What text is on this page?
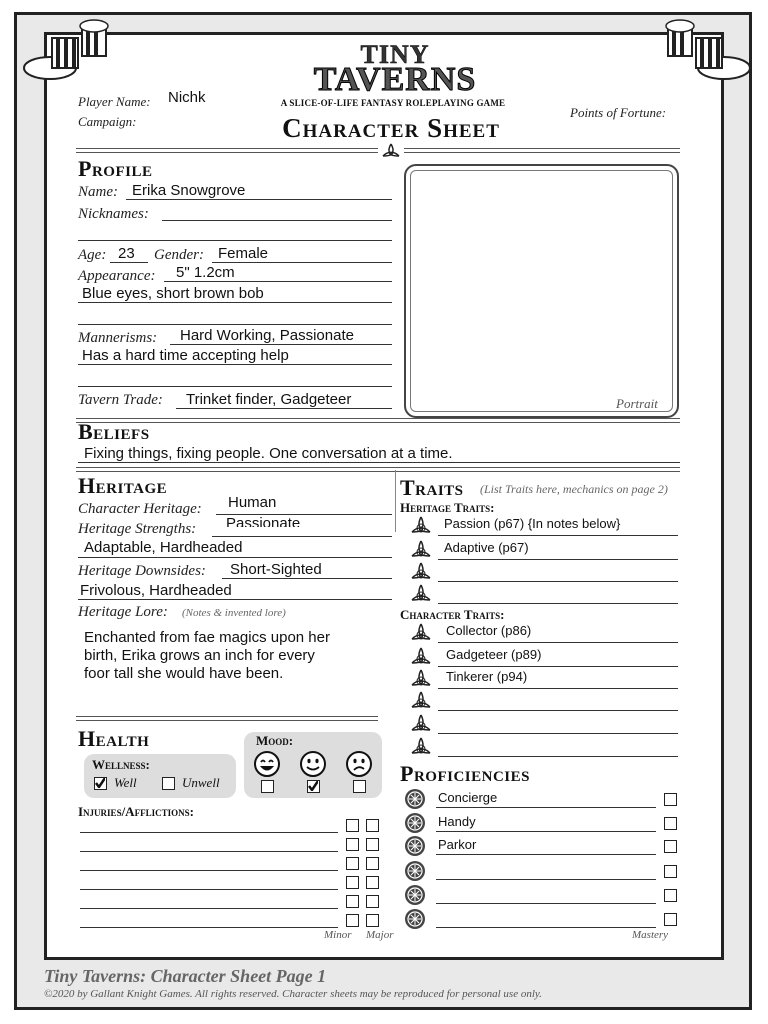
TINY
TAVERNS
A SLICE-OF-LIFE FANTASY ROLEPLAYING GAME
Character Sheet
Player Name: Nichk
Campaign:
Points of Fortune:
Profile
Name: Erika Snowgrove
Nicknames:
Age: 23 Gender: Female
Appearance: 5" 1.2cm
Blue eyes, short brown bob
Mannerisms: Hard Working, Passionate
Has a hard time accepting help
Tavern Trade: Trinket finder, Gadgeteer	Portrait
Beliefs
Fixing things, fixing people. One conversation at a time.
Heritage
Character Heritage: Human
Heritage Strengths: Passionate
Adaptable, Hardheaded
Heritage Downsides: Short-Sighted
Frivolous, Hardheaded
Heritage Lore: (Notes & invented lore)
Enchanted from fae magics upon her
birth, Erika grows an inch for every
foor tall she would have been.
Traits (List Traits here, mechanics on page 2)
Heritage Traits:
Character Traits:
Health
Wellness:
Well	Unwell
Mood:
Injuries/Afflictions:
Minor Major
Proficiencies
Mastery
Tiny Taverns: Character Sheet Page 1
©2020 by Gallant Knight Games. All rights reserved. Character sheets may be reproduced for personal use only.
Passion (p67) {In notes below}
Adaptive (p67)
Collector (p86)
Gadgeteer (p89)
Tinkerer (p94)
Concierge
Handy
Parkor
